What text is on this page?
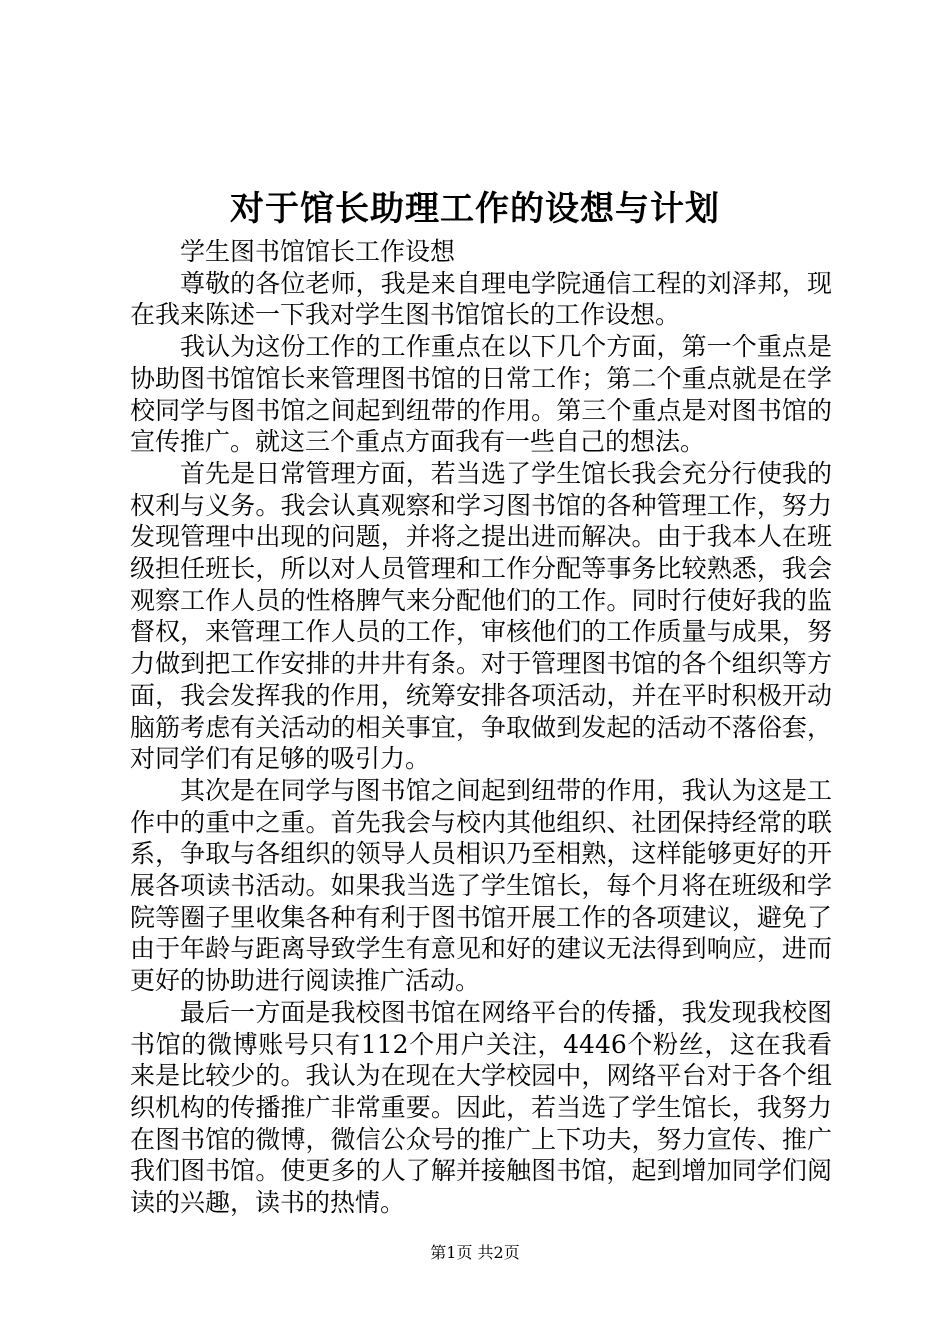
对于馆长助理工作的设想与计划

学生图书馆馆长工作设想

尊敬的各位老师，我是来自理电学院通信工程的刘泽邦，现在我来陈述一下我对学生图书馆馆长的工作设想。

我认为这份工作的工作重点在以下几个方面，第一个重点是协助图书馆馆长来管理图书馆的日常工作；第二个重点就是在学校同学与图书馆之间起到纽带的作用。第三个重点是对图书馆的宣传推广。就这三个重点方面我有一些自己的想法。

首先是日常管理方面，若当选了学生馆长我会充分行使我的权利与义务。我会认真观察和学习图书馆的各种管理工作，努力发现管理中出现的问题，并将之提出进而解决。由于我本人在班级担任班长，所以对人员管理和工作分配等事务比较熟悉，我会观察工作人员的性格脾气来分配他们的工作。同时行使好我的监督权，来管理工作人员的工作，审核他们的工作质量与成果，努力做到把工作安排的井井有条。对于管理图书馆的各个组织等方面，我会发挥我的作用，统筹安排各项活动，并在平时积极开动脑筋考虑有关活动的相关事宜，争取做到发起的活动不落俗套，对同学们有足够的吸引力。

其次是在同学与图书馆之间起到纽带的作用，我认为这是工作中的重中之重。首先我会与校内其他组织、社团保持经常的联系，争取与各组织的领导人员相识乃至相熟，这样能够更好的开展各项读书活动。如果我当选了学生馆长，每个月将在班级和学院等圈子里收集各种有利于图书馆开展工作的各项建议，避免了由于年龄与距离导致学生有意见和好的建议无法得到响应，进而更好的协助进行阅读推广活动。

最后一方面是我校图书馆在网络平台的传播，我发现我校图书馆的微博账号只有112个用户关注，4446个粉丝，这在我看来是比较少的。我认为在现在大学校园中，网络平台对于各个组织机构的传播推广非常重要。因此，若当选了学生馆长，我努力在图书馆的微博，微信公众号的推广上下功夫，努力宣传、推广我们图书馆。使更多的人了解并接触图书馆，起到增加同学们阅读的兴趣，读书的热情。

第1页 共2页
